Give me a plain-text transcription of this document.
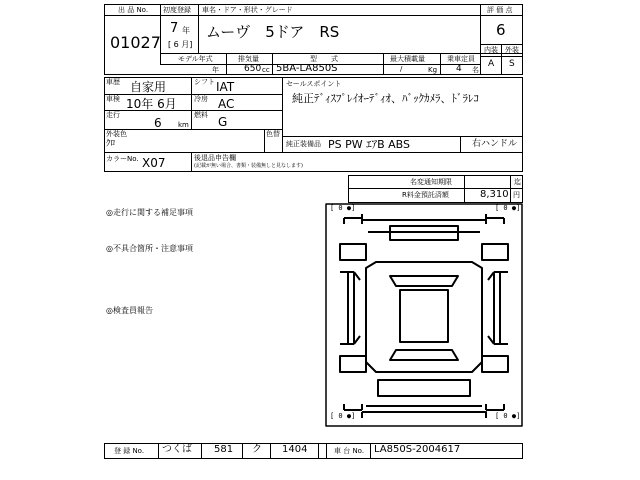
[ 0 ●]	[ 0 ●]
[ 0 ●]	[ 0 ●]
出 品 No.
01027
初度登録
7 年
[ 6 月]
車名・ドア・形状・グレード
ムーヴ　5ドア　RS
評 価 点
6
内装 外装
A S
モデル年式
年
排気量
650 cc
型　　式
5BA-LA850S
最大積載量
/	Kg
乗車定員
4 名
車歴 自家用	シフト IAT
車検 10年 6月 冷房 AC
走行
6 km
燃料 G
外装色
ｸﾛ
色替
カラーNo. X07	後退品申告欄
(記載が無い場合、書類・装備無しと見なします)
セールスポイント
純正ﾃﾞｨｽﾌﾟﾚｲｵｰﾃﾞｨｵ、ﾊﾞｯｸｶﾒﾗ、ﾄﾞﾗﾚｺ
純正装備品 PS PW ｴｱB ABS	右ハンドル
名変通知期限	迄
R料金預託済額	8,310 円
◎走行に関する補足事項
◎不具合箇所・注意事項
◎検査員報告
登 録 No. つくば 581 ク 1404	車 台 No. LA850S-2004617
